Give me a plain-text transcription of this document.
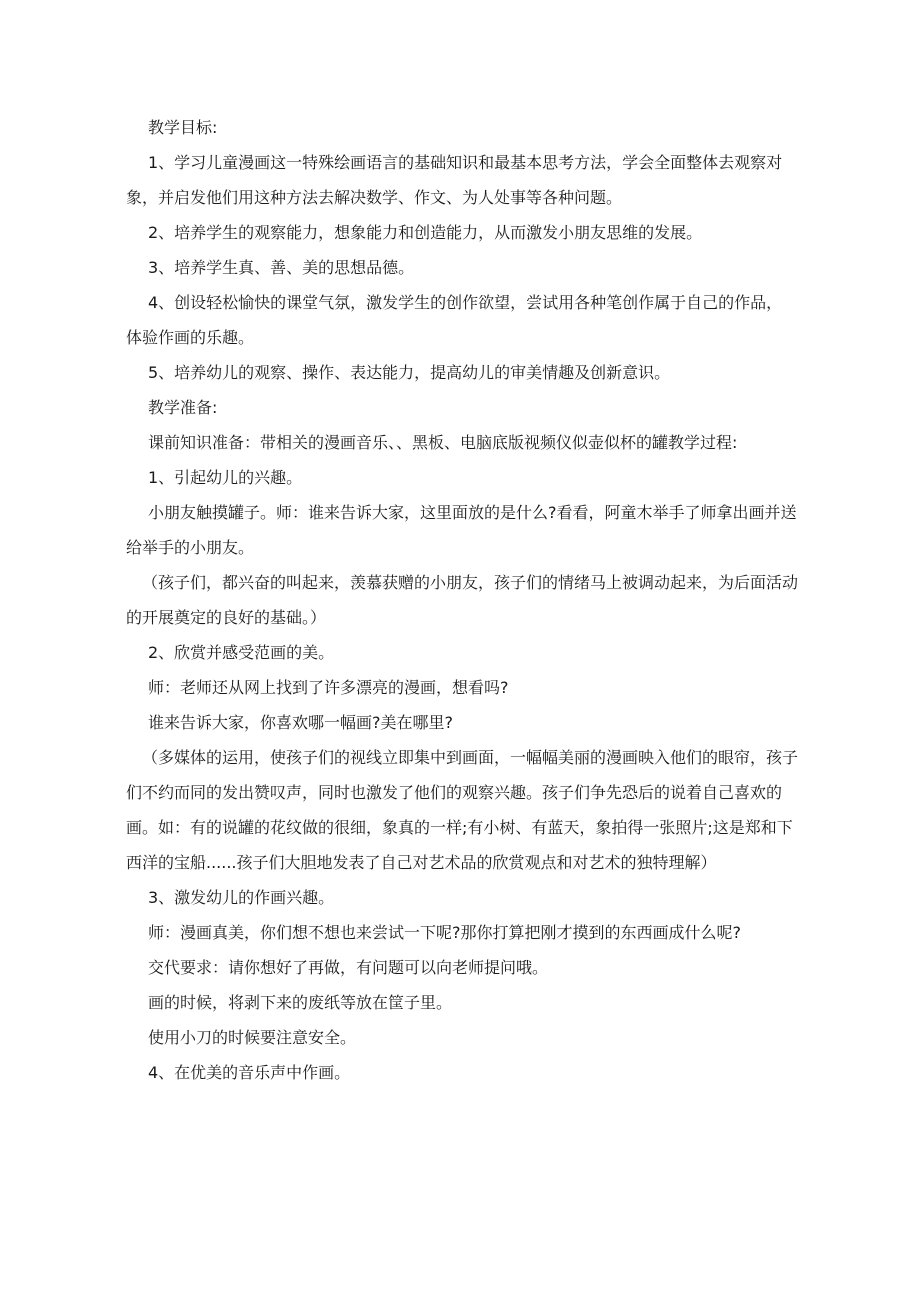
教学目标:

1、学习儿童漫画这一特殊绘画语言的基础知识和最基本思考方法，学会全面整体去观察对象，并启发他们用这种方法去解决数学、作文、为人处事等各种问题。

2、培养学生的观察能力，想象能力和创造能力，从而激发小朋友思维的发展。

3、培养学生真、善、美的思想品德。

4、创设轻松愉快的课堂气氛，激发学生的创作欲望，尝试用各种笔创作属于自己的作品，体验作画的乐趣。

5、培养幼儿的观察、操作、表达能力，提高幼儿的审美情趣及创新意识。

教学准备:

课前知识准备：带相关的漫画音乐、、黑板、电脑底版视频仪似壶似杯的罐教学过程:

1、引起幼儿的兴趣。

小朋友触摸罐子。师：谁来告诉大家，这里面放的是什么?看看，阿童木举手了师拿出画并送给举手的小朋友。

（孩子们，都兴奋的叫起来，羡慕获赠的小朋友，孩子们的情绪马上被调动起来，为后面活动的开展奠定的良好的基础。）

2、欣赏并感受范画的美。

师：老师还从网上找到了许多漂亮的漫画，想看吗?

谁来告诉大家，你喜欢哪一幅画?美在哪里?

（多媒体的运用，使孩子们的视线立即集中到画面，一幅幅美丽的漫画映入他们的眼帘，孩子们不约而同的发出赞叹声，同时也激发了他们的观察兴趣。孩子们争先恐后的说着自己喜欢的画。如：有的说罐的花纹做的很细，象真的一样;有小树、有蓝天，象拍得一张照片;这是郑和下西洋的宝船......孩子们大胆地发表了自己对艺术品的欣赏观点和对艺术的独特理解）

3、激发幼儿的作画兴趣。

师：漫画真美，你们想不想也来尝试一下呢?那你打算把刚才摸到的东西画成什么呢?

交代要求：请你想好了再做，有问题可以向老师提问哦。

画的时候，将剥下来的废纸等放在筐子里。

使用小刀的时候要注意安全。

4、在优美的音乐声中作画。
